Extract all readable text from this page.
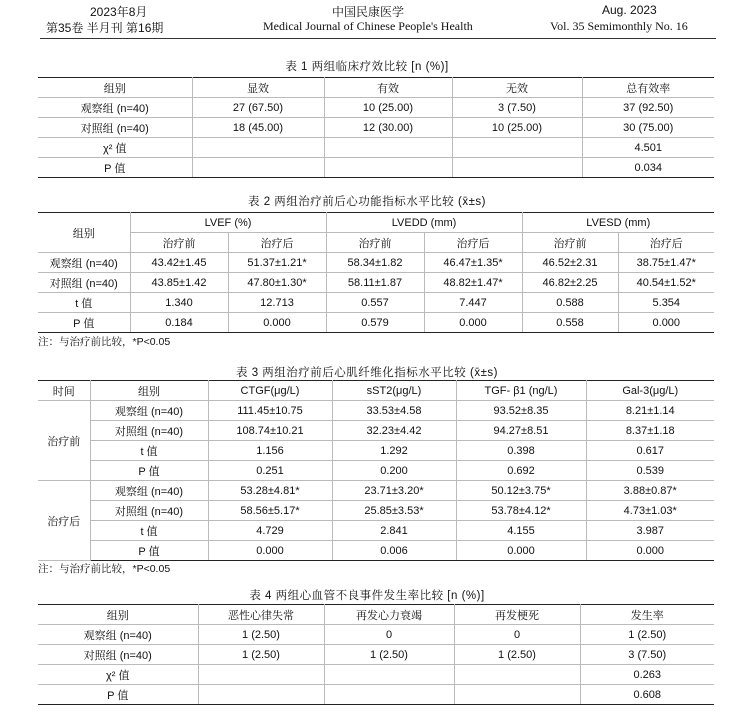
2023年8月
第35卷 半月刊 第16期
中国民康医学
Medical Journal of Chinese People's Health
Aug. 2023
Vol. 35 Semimonthly No. 16
表 1 两组临床疗效比较 [n (%)]
组别	显效	有效	无效	总有效率
观察组 (n=40)	27 (67.50)	10 (25.00)	3 (7.50)	37 (92.50)
对照组 (n=40)	18 (45.00)	12 (30.00)	10 (25.00)	30 (75.00)
χ² 值				4.501
P 值				0.034
表 2 两组治疗前后心功能指标水平比较 (x̄±s)
组别	LVEF (%)		LVEDD (mm)		LVESD (mm)	
	治疗前	治疗后	治疗前	治疗后	治疗前	治疗后
观察组 (n=40)	43.42±1.45	51.37±1.21*	58.34±1.82	46.47±1.35*	46.52±2.31	38.75±1.47*
对照组 (n=40)	43.85±1.42	47.80±1.30*	58.11±1.87	48.82±1.47*	46.82±2.25	40.54±1.52*
t 值	1.340	12.713	0.557	7.447	0.588	5.354
P 值	0.184	0.000	0.579	0.000	0.558	0.000
注：与治疗前比较，*P<0.05
表 3 两组治疗前后心肌纤维化指标水平比较 (x̄±s)
时间	组别	CTGF(μg/L)	sST2(μg/L)	TGF- β1 (ng/L)	Gal-3(μg/L)
治疗前	观察组 (n=40)	111.45±10.75	33.53±4.58	93.52±8.35	8.21±1.14
	对照组 (n=40)	108.74±10.21	32.23±4.42	94.27±8.51	8.37±1.18
	t 值	1.156	1.292	0.398	0.617
	P 值	0.251	0.200	0.692	0.539
治疗后	观察组 (n=40)	53.28±4.81*	23.71±3.20*	50.12±3.75*	3.88±0.87*
	对照组 (n=40)	58.56±5.17*	25.85±3.53*	53.78±4.12*	4.73±1.03*
	t 值	4.729	2.841	4.155	3.987
	P 值	0.000	0.006	0.000	0.000
注：与治疗前比较，*P<0.05
表 4 两组心血管不良事件发生率比较 [n (%)]
组别	恶性心律失常	再发心力衰竭	再发梗死	发生率
观察组 (n=40)	1 (2.50)	0	0	1 (2.50)
对照组 (n=40)	1 (2.50)	1 (2.50)	1 (2.50)	3 (7.50)
χ² 值				0.263
P 值				0.608
